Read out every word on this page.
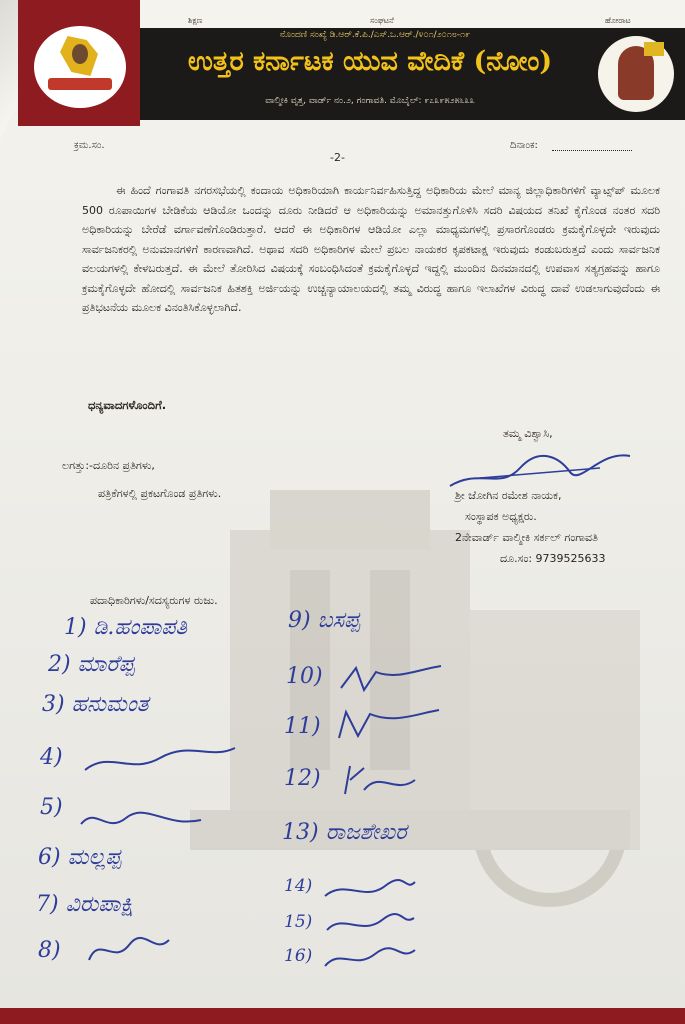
ಶಿಕ್ಷಣ	ಸಂಘಟನೆ	ಹೋರಾಟ
ನೊಂದಣಿ ಸಂಖ್ಯೆ ಡಿ.ಆರ್.ಕೆ.ಪಿ./ಎಸ್.ಒ.ಆರ್./೪೦೧/೨೦೧೮-೧೯
ಉತ್ತರ ಕರ್ನಾಟಕ ಯುವ ವೇದಿಕೆ (ನೋಂ)
ವಾಲ್ಮೀಕಿ ವೃತ್ತ, ವಾರ್ಡ್ ನಂ.೨, ಗಂಗಾವತಿ. ಮೊಬೈಲ್: ೯೭೩೯೫೨೫೬೩೩
ಕ್ರಮ.ಸಂ.	ದಿನಾಂಕ:
-2-
ಈ ಹಿಂದೆ ಗಂಗಾವತಿ ನಗರಸಭೆಯಲ್ಲಿ ಕಂದಾಯ ಅಧಿಕಾರಿಯಾಗಿ ಕಾರ್ಯನಿರ್ವಹಿಸುತ್ತಿದ್ದ ಅಧಿಕಾರಿಯ ಮೇಲೆ ಮಾನ್ಯ ಜಿಲ್ಲಾಧಿಕಾರಿಗಳಿಗೆ ವ್ಯಾಟ್ಸ್‌ಪ್ ಮೂಲಕ 500 ರೂಪಾಯಿಗಳ ಬೇಡಿಕೆಯ ಆಡಿಯೋ ಒಂದನ್ನು ದೂರು ನೀಡಿದರೆ ಆ ಅಧಿಕಾರಿಯನ್ನು ಅಮಾನತ್ತುಗೊಳಿಸಿ ಸದರಿ ವಿಷಯದ ತನಿಖೆ ಕೈಗೊಂಡ ನಂತರ ಸದರಿ ಅಧಿಕಾರಿಯನ್ನು ಬೇರೆಡೆ ವರ್ಗಾವಣೆಗೊಂಡಿರುತ್ತಾರೆ. ಆದರೆ ಈ ಅಧಿಕಾರಿಗಳ ಆಡಿಯೋ ಎಲ್ಲಾ ಮಾಧ್ಯಮಗಳಲ್ಲಿ ಪ್ರಸಾರಗೊಂಡರು ಕ್ರಮಕೈಗೊಳ್ಳದೇ ಇರುವುದು ಸಾರ್ವಜನಿಕರಲ್ಲಿ ಅನುಮಾನಗಳಿಗೆ ಕಾರಣವಾಗಿದೆ. ಅಥಾವ ಸದರಿ ಅಧಿಕಾರಿಗಳ ಮೇಲೆ ಪ್ರಬಲ ನಾಯಕರ ಕೃಪಕಟಾಕ್ಷ ಇರುವುದು ಕಂಡುಬರುತ್ತದೆ ಎಂದು ಸಾರ್ವಜನಿಕ ವಲಯಗಳಲ್ಲಿ ಕೇಳಬರುತ್ತದೆ. ಈ ಮೇಲೆ ತೋರಿಸಿದ ವಿಷಯಕ್ಕೆ ಸಂಬಂಧಿಸಿದಂತೆ ಕ್ರಮಕೈಗೊಳ್ಳದೆ ಇದ್ದಲ್ಲಿ ಮುಂದಿನ ದಿನಮಾನದಲ್ಲಿ ಉಪವಾಸ ಸತ್ಯಗ್ರಹವನ್ನು ಹಾಗೂ ಕ್ರಮಕೈಗೊಳ್ಳದೇ ಹೋದಲ್ಲಿ ಸಾರ್ವಜನಿಕ ಹಿತಶಕ್ತಿ ಅರ್ಜಿಯನ್ನು ಉಚ್ಚನ್ಯಾಯಾಲಯದಲ್ಲಿ ತಮ್ಮ ವಿರುದ್ಧ ಹಾಗೂ ಇಲಾಖೆಗಳ ವಿರುದ್ಧ ದಾವೆ ಉಡಲಾಗುವುದೆಂದು ಈ ಪ್ರತಿಭಟನೆಯ ಮೂಲಕ ವಿನಂತಿಸಿಕೊಳ್ಳಲಾಗಿದೆ.
ಧನ್ಯವಾದಗಳೊಂದಿಗೆ.
ತಮ್ಮ ವಿಶ್ವಾಸಿ,
ಲಗತ್ತು:-ದೂರಿನ ಪ್ರತಿಗಳು,
ಪತ್ರಿಕೆಗಳಲ್ಲಿ ಪ್ರಕಟಗೊಂಡ ಪ್ರತಿಗಳು.	ಶ್ರೀ ಜೋಗಿನ ರಮೇಶ ನಾಯಕ,
ಸಂಸ್ಥಾಪಕ ಅಧ್ಯಕ್ಷರು.
2ನೇವಾರ್ಡ್ ವಾಲ್ಮೀಕಿ ಸರ್ಕಲ್ ಗಂಗಾವತಿ
ದೂ.ಸಂ: 9739525633
ಪದಾಧಿಕಾರಿಗಳು/ಸದಸ್ಯರುಗಳ ರುಜು.
1) ಡಿ.ಹಂಪಾಪತಿ
2) ಮಾರೆಪ್ಪ
3) ಹನುಮಂತ
4)
5)
6) ಮಲ್ಲಪ್ಪ
7) ವಿರುಪಾಕ್ಷಿ
8)
9) ಬಸಪ್ಪ
10)
11)
12)
13) ರಾಜಶೇಖರ
14)
15)
16)
